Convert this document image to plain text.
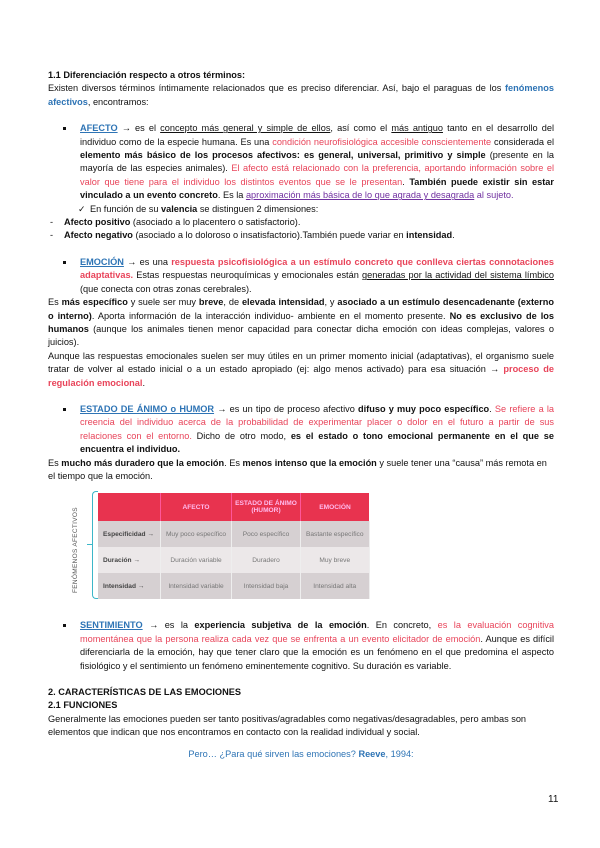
1.1 Diferenciación respecto a otros términos:

Existen diversos términos íntimamente relacionados que es preciso diferenciar. Así, bajo el paraguas de los fenómenos afectivos, encontramos:

AFECTO → es el concepto más general y simple de ellos, así como el más antiguo tanto en el desarrollo del individuo como de la especie humana. Es una condición neurofisiológica accesible conscientemente considerada el elemento más básico de los procesos afectivos: es general, universal, primitivo y simple (presente en la mayoría de las especies animales). El afecto está relacionado con la preferencia, aportando información sobre el valor que tiene para el individuo los distintos eventos que se le presentan. También puede existir sin estar vinculado a un evento concreto. Es la aproximación más básica de lo que agrada y desagrada al sujeto.

✓ En función de su valencia se distinguen 2 dimensiones:

- Afecto positivo (asociado a lo placentero o satisfactorio).

- Afecto negativo (asociado a lo doloroso o insatisfactorio).También puede variar en intensidad.

EMOCIÓN → es una respuesta psicofisiológica a un estímulo concreto que conlleva ciertas connotaciones adaptativas. Estas respuestas neuroquímicas y emocionales están generadas por la actividad del sistema límbico (que conecta con otras zonas cerebrales).

Es más específico y suele ser muy breve, de elevada intensidad, y asociado a un estímulo desencadenante (externo o interno). Aporta información de la interacción individuo- ambiente en el momento presente. No es exclusivo de los humanos (aunque los animales tienen menor capacidad para conectar dicha emoción con ideas complejas, valores o juicios).

Aunque las respuestas emocionales suelen ser muy útiles en un primer momento inicial (adaptativas), el organismo suele tratar de volver al estado inicial o a un estado apropiado (ej: algo menos activado) para esa situación → proceso de regulación emocional.

ESTADO DE ÁNIMO o HUMOR → es un tipo de proceso afectivo difuso y muy poco específico. Se refiere a la creencia del individuo acerca de la probabilidad de experimentar placer o dolor en el futuro a partir de sus relaciones con el entorno. Dicho de otro modo, es el estado o tono emocional permanente en el que se encuentra el individuo.

Es mucho más duradero que la emoción. Es menos intenso que la emoción y suele tener una “causa” más remota en el tiempo que la emoción.

FENÓMENOS AFECTIVOS
	AFECTO	ESTADO DE ÁNIMO (HUMOR)	EMOCIÓN
Especificidad →	Muy poco específico	Poco específico	Bastante específico
Duración →	Duración variable	Duradero	Muy breve
Intensidad →	Intensidad variable	Intensidad baja	Intensidad alta

SENTIMIENTO → es la experiencia subjetiva de la emoción. En concreto, es la evaluación cognitiva momentánea que la persona realiza cada vez que se enfrenta a un evento elicitador de emoción. Aunque es difícil diferenciarla de la emoción, hay que tener claro que la emoción es un fenómeno en el que predomina el aspecto fisiológico y el sentimiento un fenómeno eminentemente cognitivo. Su duración es variable.

2. CARACTERÍSTICAS DE LAS EMOCIONES

2.1 FUNCIONES

Generalmente las emociones pueden ser tanto positivas/agradables como negativas/desagradables, pero ambas son elementos que indican que nos encontramos en contacto con la realidad individual y social.

Pero… ¿Para qué sirven las emociones? Reeve, 1994:

11
